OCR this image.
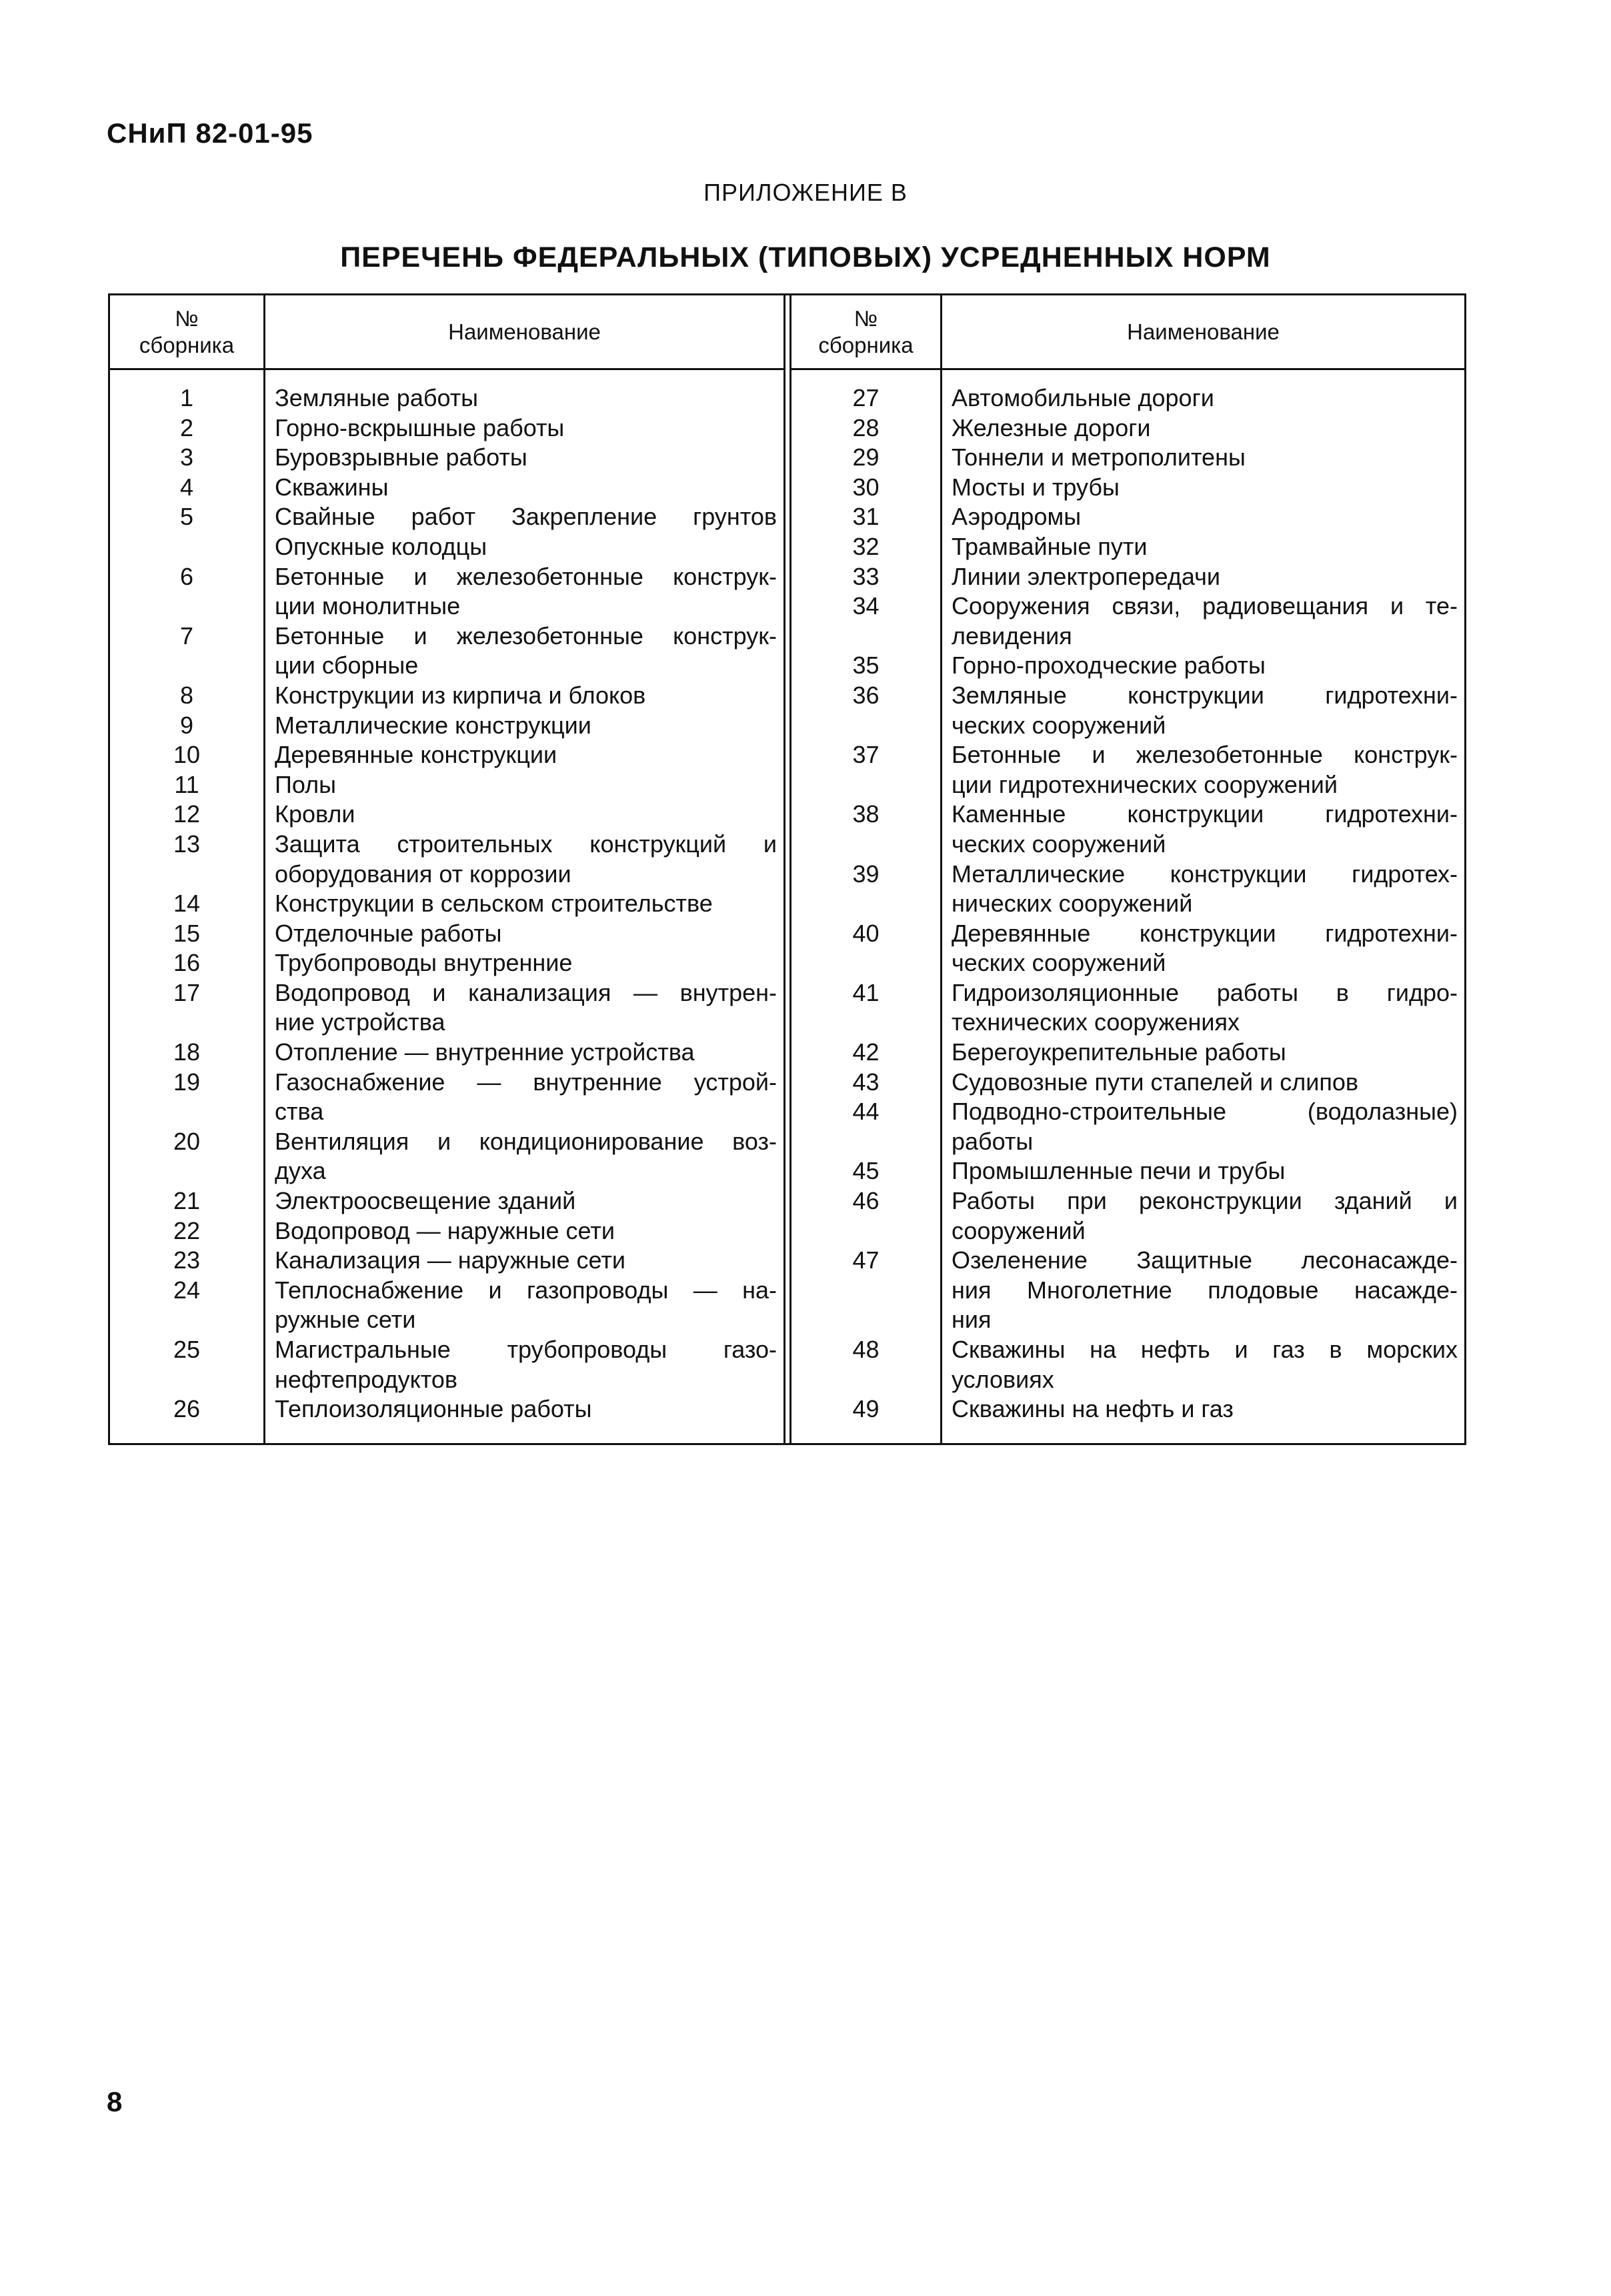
СНиП 82-01-95
ПРИЛОЖЕНИЕ В
ПЕРЕЧЕНЬ ФЕДЕРАЛЬНЫХ (ТИПОВЫХ) УСРЕДНЕННЫХ НОРМ
№
сборника
Наименование
1
2
3
4
5
6
7
8
9
10
11
12
13
14
15
16
17
18
19
20
21
22
23
24
25
26
Земляные работы
Горно-вскрышные работы
Буровзрывные работы
Скважины
Свайные работ Закрепление грунтов
Опускные колодцы
Бетонные и железобетонные конструк-
ции монолитные
Бетонные и железобетонные конструк-
ции сборные
Конструкции из кирпича и блоков
Металлические конструкции
Деревянные конструкции
Полы
Кровли
Защита строительных конструкций и
оборудования от коррозии
Конструкции в сельском строительстве
Отделочные работы
Трубопроводы внутренние
Водопровод и канализация — внутрен-
ние устройства
Отопление — внутренние устройства
Газоснабжение — внутренние устрой-
ства
Вентиляция и кондиционирование воз-
духа
Электроосвещение зданий
Водопровод — наружные сети
Канализация — наружные сети
Теплоснабжение и газопроводы — на-
ружные сети
Магистральные трубопроводы газо-
нефтепродуктов
Теплоизоляционные работы
№
сборника
Наименование
27
28
29
30
31
32
33
34
35
36
37
38
39
40
41
42
43
44
45
46
47
48
49
Автомобильные дороги
Железные дороги
Тоннели и метрополитены
Мосты и трубы
Аэродромы
Трамвайные пути
Линии электропередачи
Сооружения связи, радиовещания и те-
левидения
Горно-проходческие работы
Земляные конструкции гидротехни-
ческих сооружений
Бетонные и железобетонные конструк-
ции гидротехнических сооружений
Каменные конструкции гидротехни-
ческих сооружений
Металлические конструкции гидротех-
нических сооружений
Деревянные конструкции гидротехни-
ческих сооружений
Гидроизоляционные работы в гидро-
технических сооружениях
Берегоукрепительные работы
Судовозные пути стапелей и слипов
Подводно-строительные (водолазные)
работы
Промышленные печи и трубы
Работы при реконструкции зданий и
сооружений
Озеленение Защитные лесонасажде-
ния Многолетние плодовые насажде-
ния
Скважины на нефть и газ в морских
условиях
Скважины на нефть и газ
8
